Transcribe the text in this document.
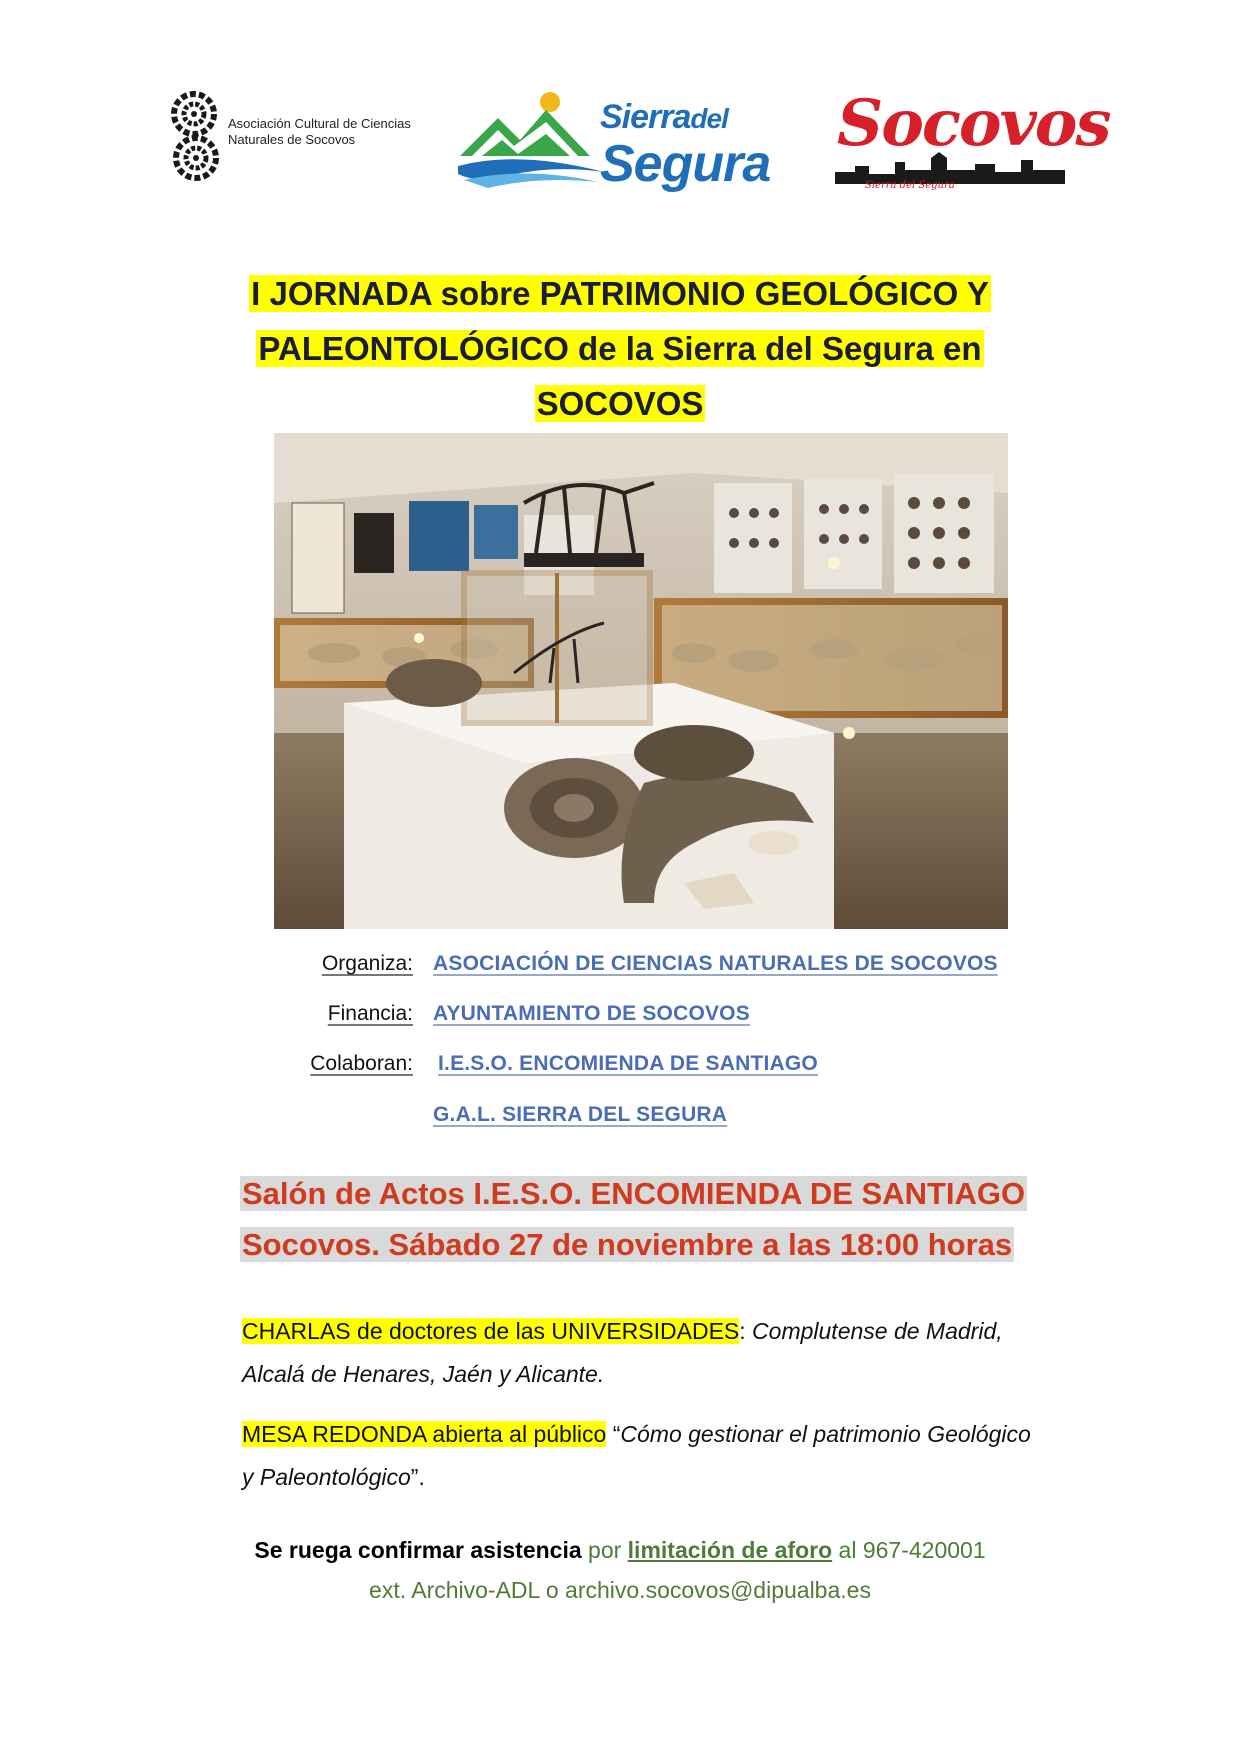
Asociación Cultural de Ciencias
Naturales de Socovos
Sierradel
Segura
Socovos
Sierra del Segura
I JORNADA sobre PATRIMONIO GEOLÓGICO Y
PALEONTOLÓGICO de la Sierra del Segura en
SOCOVOS
Organiza: ASOCIACIÓN DE CIENCIAS NATURALES DE SOCOVOS
Financia: AYUNTAMIENTO DE SOCOVOS
Colaboran: I.E.S.O. ENCOMIENDA DE SANTIAGO
G.A.L. SIERRA DEL SEGURA
Salón de Actos I.E.S.O. ENCOMIENDA DE SANTIAGO
Socovos. Sábado 27 de noviembre a las 18:00 horas
CHARLAS de doctores de las UNIVERSIDADES: Complutense de Madrid, Alcalá de Henares, Jaén y Alicante.
MESA REDONDA abierta al público “Cómo gestionar el patrimonio Geológico y Paleontológico”.
Se ruega confirmar asistencia por limitación de aforo al 967-420001
ext. Archivo-ADL o archivo.socovos@dipualba.es
